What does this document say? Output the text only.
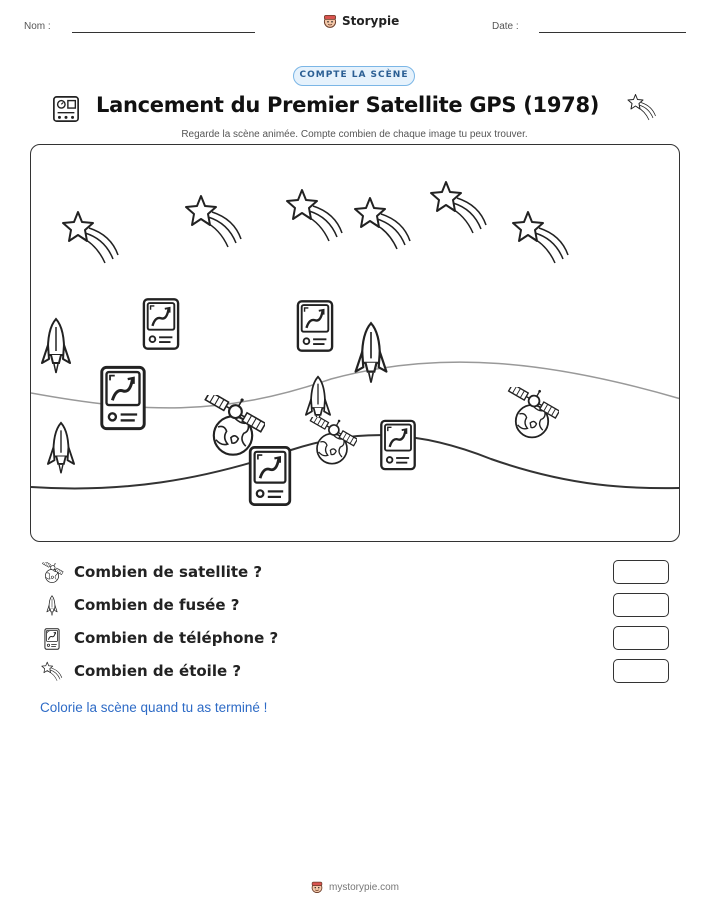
Nom :	Storypie	Date :
COMPTE LA SCÈNE
Lancement du Premier Satellite GPS (1978)
Regarde la scène animée. Compte combien de chaque image tu peux trouver.
Combien de satellite ?
Combien de fusée ?
Combien de téléphone ?
Combien de étoile ?
Colorie la scène quand tu as terminé !
mystorypie.com
